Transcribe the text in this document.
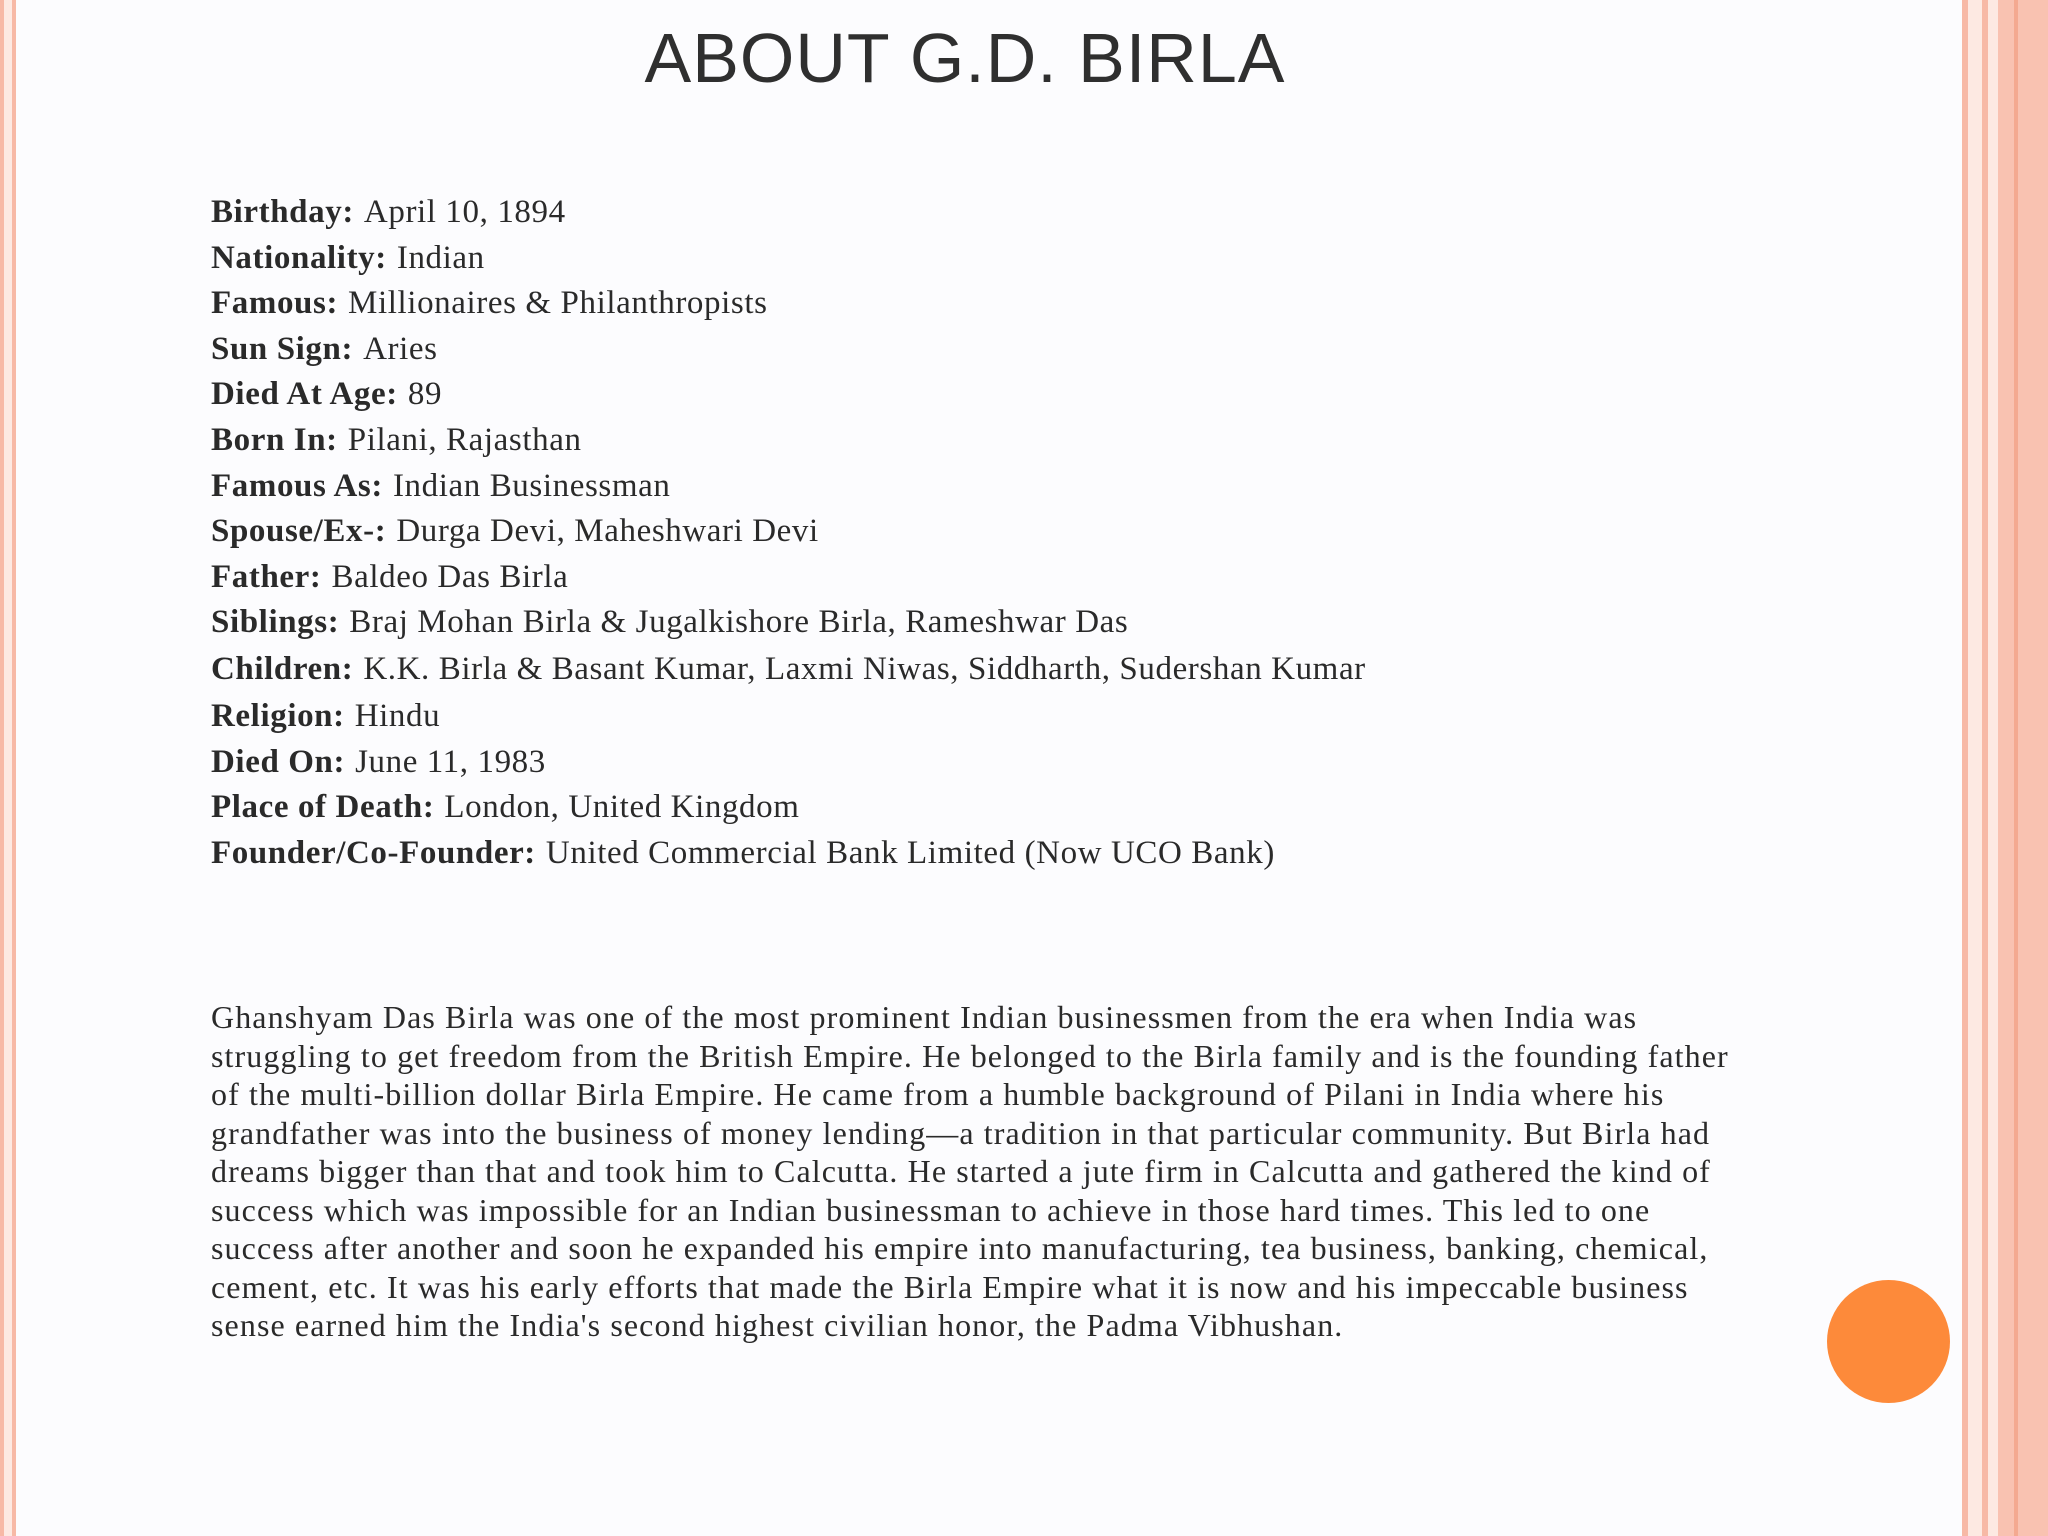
ABOUT G.D. BIRLA
Birthday: April 10, 1894
Nationality: Indian
Famous: Millionaires & Philanthropists
Sun Sign: Aries
Died At Age: 89
Born In: Pilani, Rajasthan
Famous As: Indian Businessman
Spouse/Ex-: Durga Devi, Maheshwari Devi
Father: Baldeo Das Birla
Siblings: Braj Mohan Birla & Jugalkishore Birla, Rameshwar Das
Children: K.K. Birla & Basant Kumar, Laxmi Niwas, Siddharth, Sudershan Kumar
Religion: Hindu
Died On: June 11, 1983
Place of Death: London, United Kingdom
Founder/Co-Founder: United Commercial Bank Limited (Now UCO Bank)

Ghanshyam Das Birla was one of the most prominent Indian businessmen from the era when India was struggling to get freedom from the British Empire. He belonged to the Birla family and is the founding father of the multi-billion dollar Birla Empire. He came from a humble background of Pilani in India where his grandfather was into the business of money lending—a tradition in that particular community. But Birla had dreams bigger than that and took him to Calcutta. He started a jute firm in Calcutta and gathered the kind of success which was impossible for an Indian businessman to achieve in those hard times. This led to one success after another and soon he expanded his empire into manufacturing, tea business, banking, chemical, cement, etc. It was his early efforts that made the Birla Empire what it is now and his impeccable business sense earned him the India's second highest civilian honor, the Padma Vibhushan.
